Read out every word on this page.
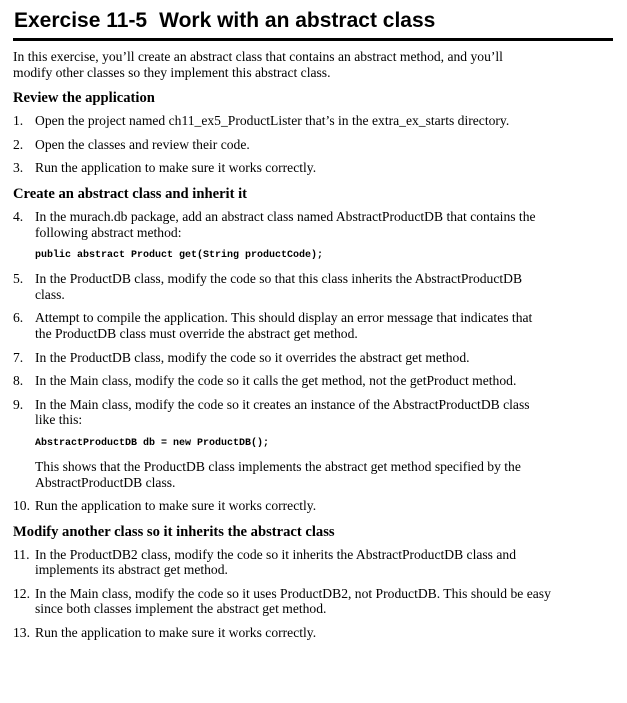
Exercise 11-5 Work with an abstract class

In this exercise, you’ll create an abstract class that contains an abstract method, and you’ll modify other classes so they implement this abstract class.

Review the application
1. Open the project named ch11_ex5_ProductLister that’s in the extra_ex_starts directory.
2. Open the classes and review their code.
3. Run the application to make sure it works correctly.
Create an abstract class and inherit it
4. In the murach.db package, add an abstract class named AbstractProductDB that contains the following abstract method:
public abstract Product get(String productCode);
5. In the ProductDB class, modify the code so that this class inherits the AbstractProductDB class.
6. Attempt to compile the application. This should display an error message that indicates that the ProductDB class must override the abstract get method.
7. In the ProductDB class, modify the code so it overrides the abstract get method.
8. In the Main class, modify the code so it calls the get method, not the getProduct method.
9. In the Main class, modify the code so it creates an instance of the AbstractProductDB class like this:
AbstractProductDB db = new ProductDB();
This shows that the ProductDB class implements the abstract get method specified by the AbstractProductDB class.
10. Run the application to make sure it works correctly.
Modify another class so it inherits the abstract class
11. In the ProductDB2 class, modify the code so it inherits the AbstractProductDB class and implements its abstract get method.
12. In the Main class, modify the code so it uses ProductDB2, not ProductDB. This should be easy since both classes implement the abstract get method.
13. Run the application to make sure it works correctly.
